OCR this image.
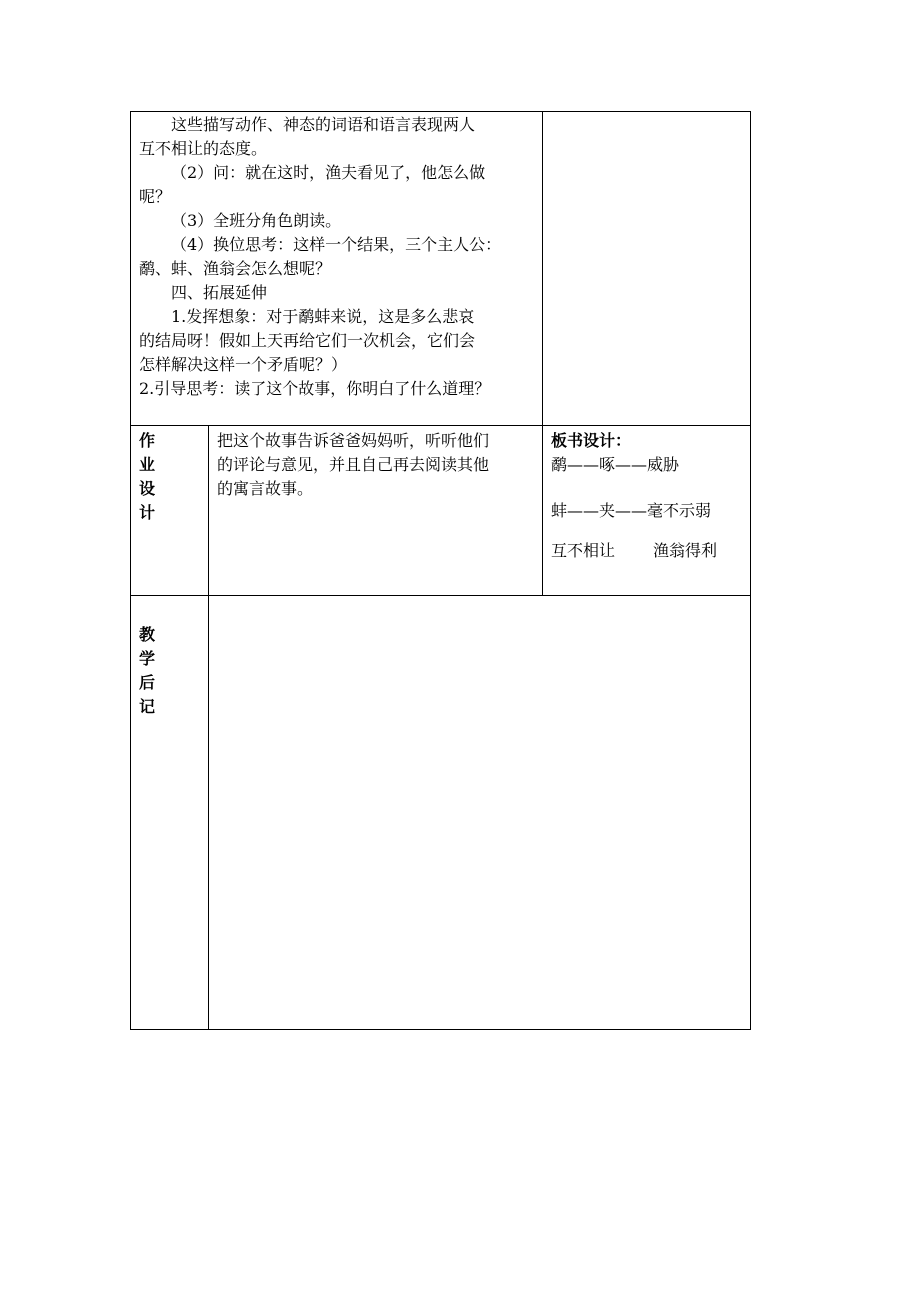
这些描写动作、神态的词语和语言表现两人
互不相让的态度。
（2）问：就在这时，渔夫看见了，他怎么做
呢？
（3）全班分角色朗读。
（4）换位思考：这样一个结果，三个主人公：
鹬、蚌、渔翁会怎么想呢？
四、拓展延伸
1.发挥想象：对于鹬蚌来说，这是多么悲哀
的结局呀！假如上天再给它们一次机会，它们会
怎样解决这样一个矛盾呢？）
2.引导思考：读了这个故事，你明白了什么道理？
作
业
设
计
把这个故事告诉爸爸妈妈听，听听他们
的评论与意见，并且自己再去阅读其他
的寓言故事。
板书设计：
鹬——啄——威胁
蚌——夹——毫不示弱
互不相让 渔翁得利
教
学
后
记
